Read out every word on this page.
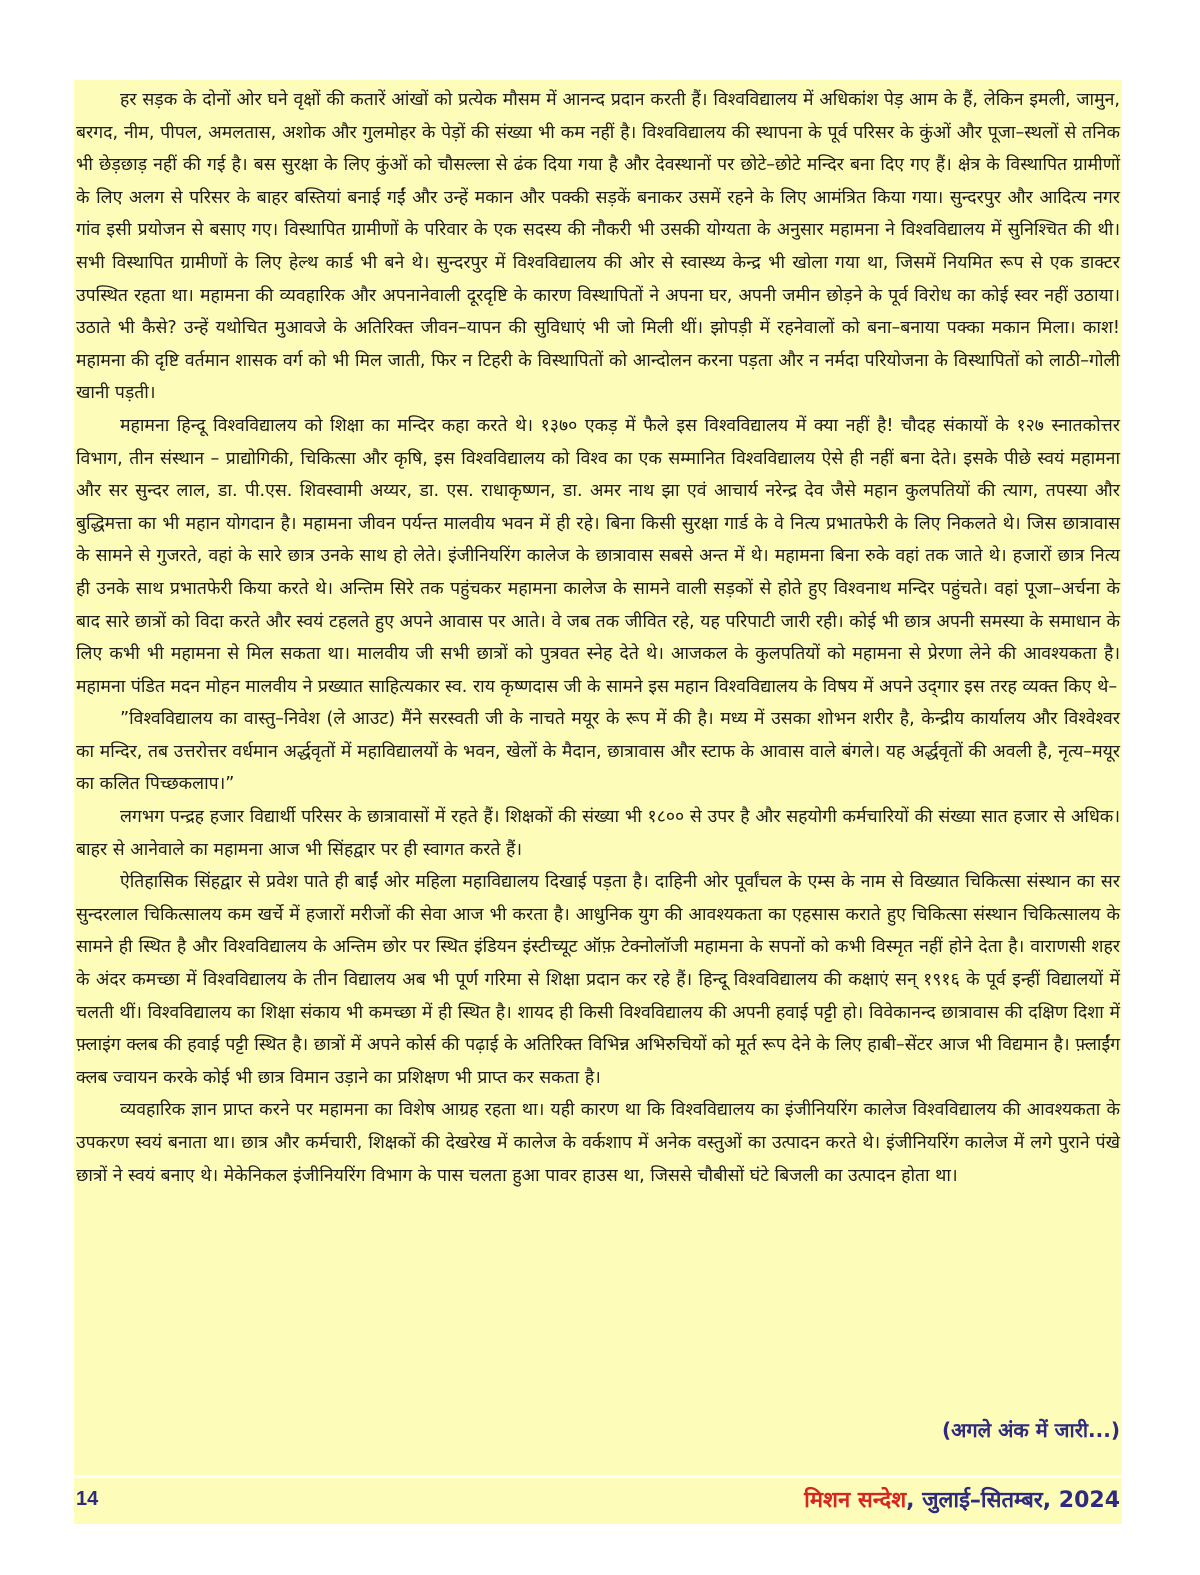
हर सड़क के दोनों ओर घने वृक्षों की कतारें आंखों को प्रत्येक मौसम में आनन्द प्रदान करती हैं। विश्वविद्यालय में अधिकांश पेड़ आम के हैं, लेकिन इमली, जामुन, बरगद, नीम, पीपल, अमलतास, अशोक और गुलमोहर के पेड़ों की संख्या भी कम नहीं है। विश्वविद्यालय की स्थापना के पूर्व परिसर के कुंओं और पूजा–स्थलों से तनिक भी छेड़छाड़ नहीं की गई है। बस सुरक्षा के लिए कुंओं को चौसल्ला से ढंक दिया गया है और देवस्थानों पर छोटे–छोटे मन्दिर बना दिए गए हैं। क्षेत्र के विस्थापित ग्रामीणों के लिए अलग से परिसर के बाहर बस्तियां बनाई गईं और उन्हें मकान और पक्की सड़कें बनाकर उसमें रहने के लिए आमंत्रित किया गया। सुन्दरपुर और आदित्य नगर गांव इसी प्रयोजन से बसाए गए। विस्थापित ग्रामीणों के परिवार के एक सदस्य की नौकरी भी उसकी योग्यता के अनुसार महामना ने विश्वविद्यालय में सुनिश्चित की थी। सभी विस्थापित ग्रामीणों के लिए हेल्थ कार्ड भी बने थे। सुन्दरपुर में विश्वविद्यालय की ओर से स्वास्थ्य केन्द्र भी खोला गया था, जिसमें नियमित रूप से एक डाक्टर उपस्थित रहता था। महामना की व्यवहारिक और अपनानेवाली दूरदृष्टि के कारण विस्थापितों ने अपना घर, अपनी जमीन छोड़ने के पूर्व विरोध का कोई स्वर नहीं उठाया। उठाते भी कैसे? उन्हें यथोचित मुआवजे के अतिरिक्त जीवन–यापन की सुविधाएं भी जो मिली थीं। झोपड़ी में रहनेवालों को बना–बनाया पक्का मकान मिला। काश! महामना की दृष्टि वर्तमान शासक वर्ग को भी मिल जाती, फिर न टिहरी के विस्थापितों को आन्दोलन करना पड़ता और न नर्मदा परियोजना के विस्थापितों को लाठी–गोली खानी पड़ती।

महामना हिन्दू विश्वविद्यालय को शिक्षा का मन्दिर कहा करते थे। १३७० एकड़ में फैले इस विश्वविद्यालय में क्या नहीं है! चौदह संकायों के १२७ स्नातकोत्तर विभाग, तीन संस्थान – प्राद्योगिकी, चिकित्सा और कृषि, इस विश्वविद्यालय को विश्व का एक सम्मानित विश्वविद्यालय ऐसे ही नहीं बना देते। इसके पीछे स्वयं महामना और सर सुन्दर लाल, डा. पी.एस. शिवस्वामी अय्यर, डा. एस. राधाकृष्णन, डा. अमर नाथ झा एवं आचार्य नरेन्द्र देव जैसे महान कुलपतियों की त्याग, तपस्या और बुद्धिमत्ता का भी महान योगदान है। महामना जीवन पर्यन्त मालवीय भवन में ही रहे। बिना किसी सुरक्षा गार्ड के वे नित्य प्रभातफेरी के लिए निकलते थे। जिस छात्रावास के सामने से गुजरते, वहां के सारे छात्र उनके साथ हो लेते। इंजीनियरिंग कालेज के छात्रावास सबसे अन्त में थे। महामना बिना रुके वहां तक जाते थे। हजारों छात्र नित्य ही उनके साथ प्रभातफेरी किया करते थे। अन्तिम सिरे तक पहुंचकर महामना कालेज के सामने वाली सड़कों से होते हुए विश्वनाथ मन्दिर पहुंचते। वहां पूजा–अर्चना के बाद सारे छात्रों को विदा करते और स्वयं टहलते हुए अपने आवास पर आते। वे जब तक जीवित रहे, यह परिपाटी जारी रही। कोई भी छात्र अपनी समस्या के समाधान के लिए कभी भी महामना से मिल सकता था। मालवीय जी सभी छात्रों को पुत्रवत स्नेह देते थे। आजकल के कुलपतियों को महामना से प्रेरणा लेने की आवश्यकता है। महामना पंडित मदन मोहन मालवीय ने प्रख्यात साहित्यकार स्व. राय कृष्णदास जी के सामने इस महान विश्वविद्यालय के विषय में अपने उद्‌गार इस तरह व्यक्त किए थे–

”विश्वविद्यालय का वास्तु–निवेश (ले आउट) मैंने सरस्वती जी के नाचते मयूर के रूप में की है। मध्य में उसका शोभन शरीर है, केन्द्रीय कार्यालय और विश्वेश्वर का मन्दिर, तब उत्तरोत्तर वर्धमान अर्द्धवृतों में महाविद्यालयों के भवन, खेलों के मैदान, छात्रावास और स्टाफ के आवास वाले बंगले। यह अर्द्धवृतों की अवली है, नृत्य–मयूर का कलित पिच्छकलाप।”

लगभग पन्द्रह हजार विद्यार्थी परिसर के छात्रावासों में रहते हैं। शिक्षकों की संख्या भी १८०० से उपर है और सहयोगी कर्मचारियों की संख्या सात हजार से अधिक। बाहर से आनेवाले का महामना आज भी सिंहद्वार पर ही स्वागत करते हैं।

ऐतिहासिक सिंहद्वार से प्रवेश पाते ही बाईं ओर महिला महाविद्यालय दिखाई पड़ता है। दाहिनी ओर पूर्वांचल के एम्स के नाम से विख्यात चिकित्सा संस्थान का सर सुन्दरलाल चिकित्सालय कम खर्चे में हजारों मरीजों की सेवा आज भी करता है। आधुनिक युग की आवश्यकता का एहसास कराते हुए चिकित्सा संस्थान चिकित्सालय के सामने ही स्थित है और विश्वविद्यालय के अन्तिम छोर पर स्थित इंडियन इंस्टीच्यूट ऑफ़ टेक्नोलॉजी महामना के सपनों को कभी विस्मृत नहीं होने देता है। वाराणसी शहर के अंदर कमच्छा में विश्वविद्यालय के तीन विद्यालय अब भी पूर्ण गरिमा से शिक्षा प्रदान कर रहे हैं। हिन्दू विश्वविद्यालय की कक्षाएं सन् १९१६ के पूर्व इन्हीं विद्यालयों में चलती थीं। विश्वविद्यालय का शिक्षा संकाय भी कमच्छा में ही स्थित है। शायद ही किसी विश्वविद्यालय की अपनी हवाई पट्टी हो। विवेकानन्द छात्रावास की दक्षिण दिशा में फ़्लाइंग क्लब की हवाई पट्टी स्थित है। छात्रों में अपने कोर्स की पढ़ाई के अतिरिक्त विभिन्न अभिरुचियों को मूर्त रूप देने के लिए हाबी–सेंटर आज भी विद्यमान है। फ़्लाईंग क्लब ज्वायन करके कोई भी छात्र विमान उड़ाने का प्रशिक्षण भी प्राप्त कर सकता है।

व्यवहारिक ज्ञान प्राप्त करने पर महामना का विशेष आग्रह रहता था। यही कारण था कि विश्वविद्यालय का इंजीनियरिंग कालेज विश्वविद्यालय की आवश्यकता के उपकरण स्वयं बनाता था। छात्र और कर्मचारी, शिक्षकों की देखरेख में कालेज के वर्कशाप में अनेक वस्तुओं का उत्पादन करते थे। इंजीनियरिंग कालेज में लगे पुराने पंखे छात्रों ने स्वयं बनाए थे। मेकेनिकल इंजीनियरिंग विभाग के पास चलता हुआ पावर हाउस था, जिससे चौबीसों घंटे बिजली का उत्पादन होता था।

(अगले अंक में जारी...)
14	मिशन सन्देश, जुलाई–सितम्बर, 2024
